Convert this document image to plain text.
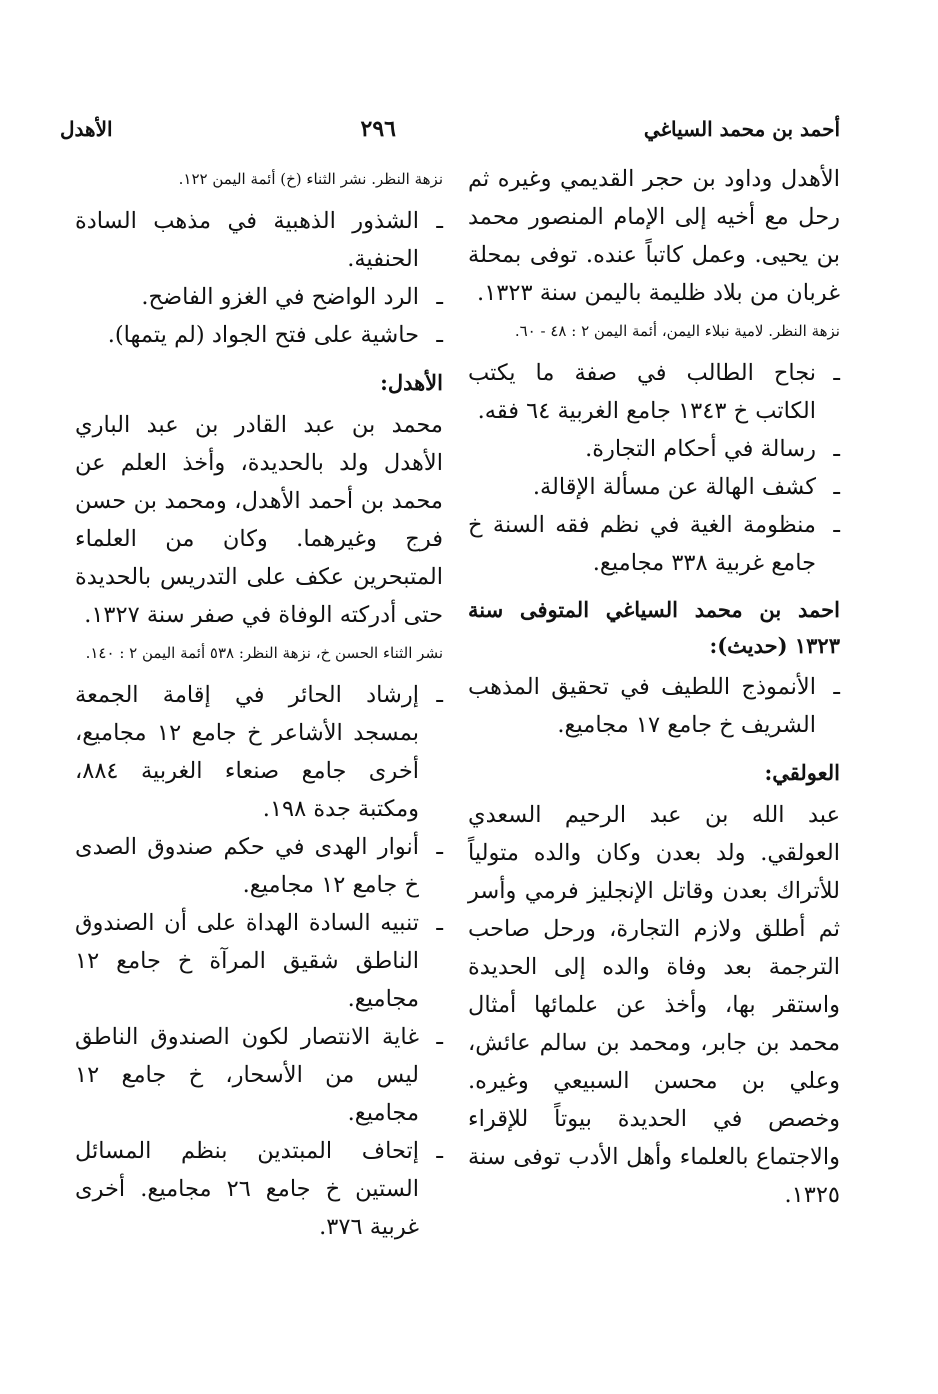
أحمد بن محمد السياغي
٢٩٦
الأهدل

الأهدل وداود بن حجر القديمي وغيره ثم رحل مع أخيه إلى الإمام المنصور محمد بن يحيى. وعمل كاتباً عنده. توفى بمحلة غربان من بلاد ظليمة باليمن سنة ١٣٢٣.

نزهة النظر. لامية نبلاء اليمن، أئمة اليمن ٢ : ٤٨ - ٦٠.

ـ نجاح الطالب في صفة ما يكتب الكاتب خ ١٣٤٣ جامع الغربية ٦٤ فقه.

ـ رسالة في أحكام التجارة.

ـ كشف الهالة عن مسألة الإقالة.

ـ منظومة الغية في نظم فقه السنة خ جامع غربية ٣٣٨ مجاميع.

احمد بن محمد السياغي المتوفى سنة ١٣٢٣ (حديث):

ـ الأنموذج اللطيف في تحقيق المذهب الشريف خ جامع ١٧ مجاميع.

العولقي:

عبد الله بن عبد الرحيم السعدي العولقي. ولد بعدن وكان والده متولياً للأتراك بعدن وقاتل الإنجليز فرمي وأسر ثم أطلق ولازم التجارة، ورحل صاحب الترجمة بعد وفاة والده إلى الحديدة واستقر بها، وأخذ عن علمائها أمثال محمد بن جابر، ومحمد بن سالم عائش، وعلي بن محسن السبيعي وغيره. وخصص في الحديدة بيوتاً للإقراء والاجتماع بالعلماء وأهل الأدب توفى سنة ١٣٢٥.

نزهة النظر. نشر الثناء (خ) أئمة اليمن ١٢٢.

ـ الشذور الذهبية في مذهب السادة الحنفية.

ـ الرد الواضح في الغزو الفاضح.

ـ حاشية على فتح الجواد (لم يتمها).

الأهدل:

محمد بن عبد القادر بن عبد الباري الأهدل ولد بالحديدة، وأخذ العلم عن محمد بن أحمد الأهدل، ومحمد بن حسن فرج وغيرهما. وكان من العلماء المتبحرين عكف على التدريس بالحديدة حتى أدركته الوفاة في صفر سنة ١٣٢٧.

نشر الثناء الحسن خ، نزهة النظر: ٥٣٨ أئمة اليمن ٢ : ١٤٠.

ـ إرشاد الحائر في إقامة الجمعة بمسجد الأشاعر خ جامع ١٢ مجاميع، أخرى جامع صنعاء الغربية ٨٨٤، ومكتبة جدة ١٩٨.

ـ أنوار الهدى في حكم صندوق الصدى خ جامع ١٢ مجاميع.

ـ تنبيه السادة الهداة على أن الصندوق الناطق شقيق المرآة خ جامع ١٢ مجاميع.

ـ غاية الانتصار لكون الصندوق الناطق ليس من الأسحار، خ جامع ١٢ مجاميع.

ـ إتحاف المبتدين بنظم المسائل الستين خ جامع ٢٦ مجاميع. أخرى غربية ٣٧٦.
